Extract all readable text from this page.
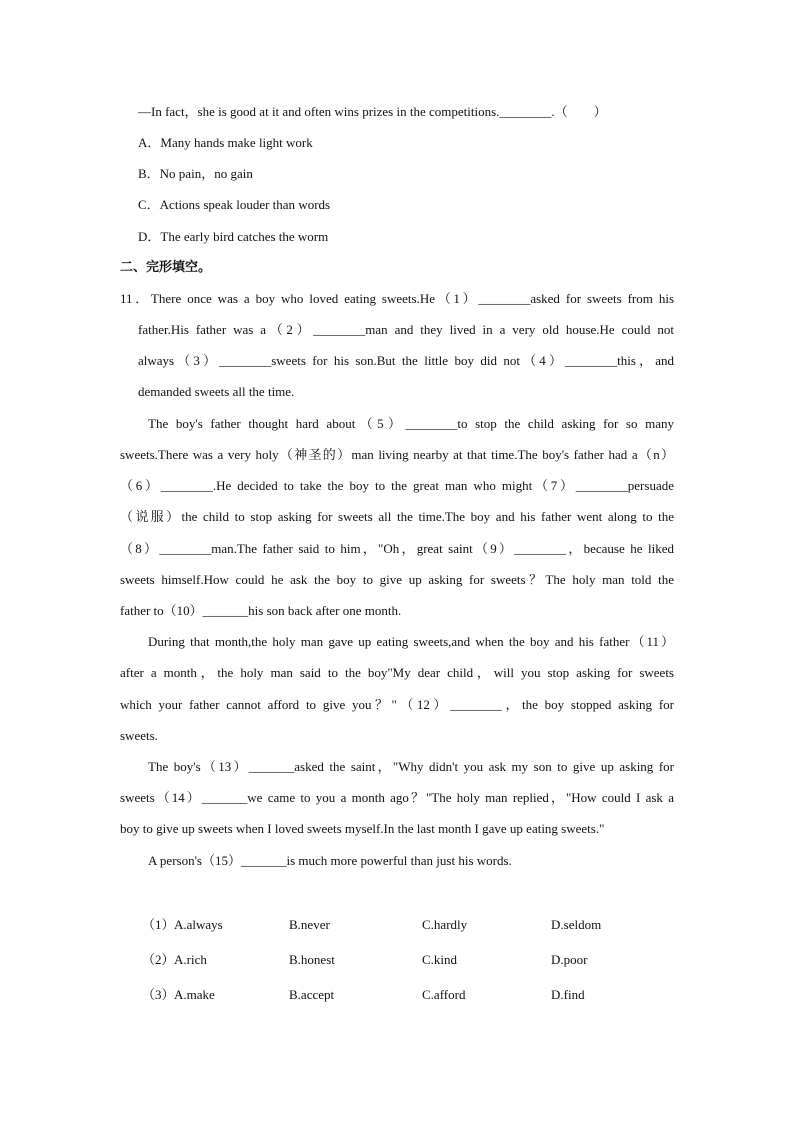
—In fact，she is good at it and often wins prizes in the competitions.________.（　　）
A．Many hands make light work
B．No pain，no gain
C．Actions speak louder than words
D．The early bird catches the worm
二、完形填空。
11．There once was a boy who loved eating sweets.He（1）________asked for sweets from his
father.His father was a（2）________man and they lived in a very old house.He could not
always（3）________sweets for his son.But the little boy did not（4）________this，and
demanded sweets all the time.
The boy's father thought hard about（5）________to stop the child asking for so many
sweets.There was a very holy（神圣的）man living nearby at that time.The boy's father had a（n）
（6）________.He decided to take the boy to the great man who might（7）________persuade
（说服）the child to stop asking for sweets all the time.The boy and his father went along to the
（8）________man.The father said to him，"Oh，great saint（9）________，because he liked
sweets himself.How could he ask the boy to give up asking for sweets？The holy man told the
father to（10）_______his son back after one month.
During that month,the holy man gave up eating sweets,and when the boy and his father（11）
after a month，the holy man said to the boy"My dear child，will you stop asking for sweets
which your father cannot afford to give you？"（12）________，the boy stopped asking for
sweets.
The boy's（13）_______asked the saint，"Why didn't you ask my son to give up asking for
sweets（14）_______we came to you a month ago？"The holy man replied，"How could I ask a
boy to give up sweets when I loved sweets myself.In the last month I gave up eating sweets."
A person's（15）_______is much more powerful than just his words.
（1） A.always	B.never	C.hardly	D.seldom
（2） A.rich	B.honest	C.kind	D.poor
（3） A.make	B.accept	C.afford	D.find
